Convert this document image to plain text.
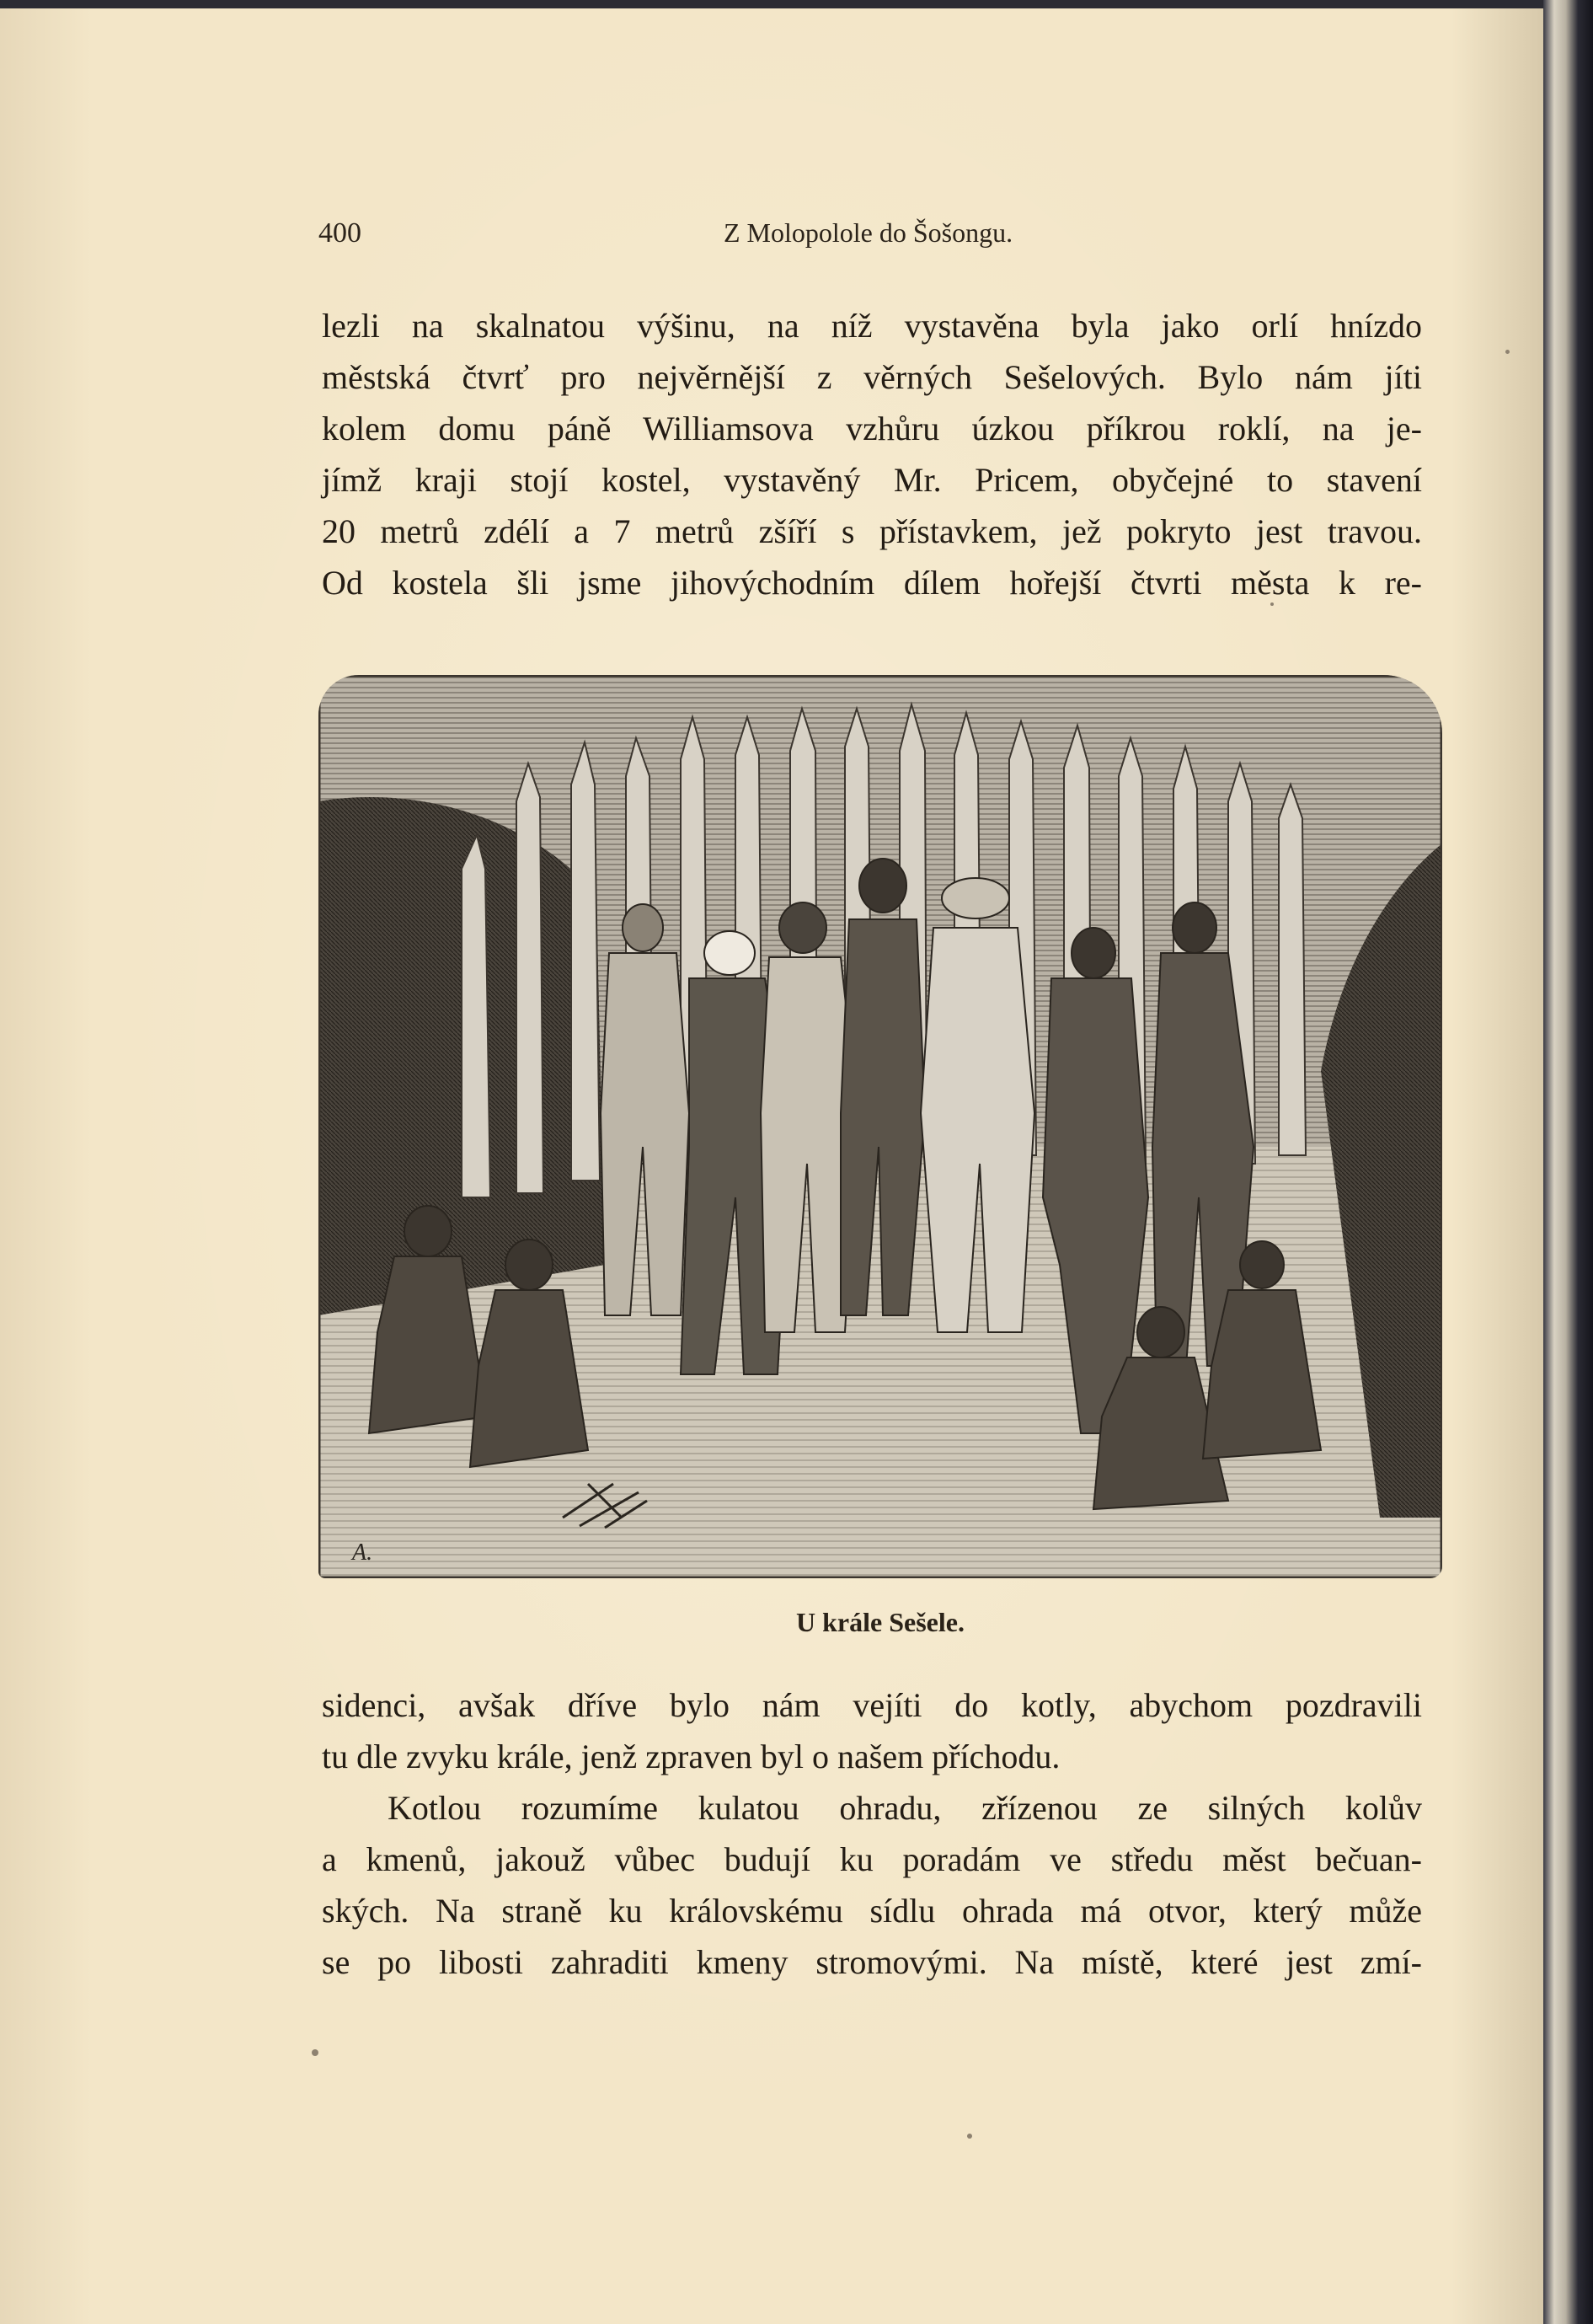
400	Z Molopolole do Šošongu.
lezli na skalnatou výšinu, na níž vystavěna byla jako orlí hnízdo
městská čtvrť pro nejvěrnější z věrných Sešelových. Bylo nám jíti
kolem domu páně Williamsova vzhůru úzkou příkrou roklí, na je-
jímž kraji stojí kostel, vystavěný Mr. Pricem, obyčejné to stavení
20 metrů zdélí a 7 metrů zšíří s přístavkem, jež pokryto jest travou.
Od kostela šli jsme jihovýchodním dílem hořejší čtvrti města k re-
A.
U krále Sešele.
sidenci, avšak dříve bylo nám vejíti do kotly, abychom pozdravili
tu dle zvyku krále, jenž zpraven byl o našem příchodu.
Kotlou rozumíme kulatou ohradu, zřízenou ze silných kolův
a kmenů, jakouž vůbec budují ku poradám ve středu měst bečuan-
ských. Na straně ku královskému sídlu ohrada má otvor, který může
se po libosti zahraditi kmeny stromovými. Na místě, které jest zmí-
